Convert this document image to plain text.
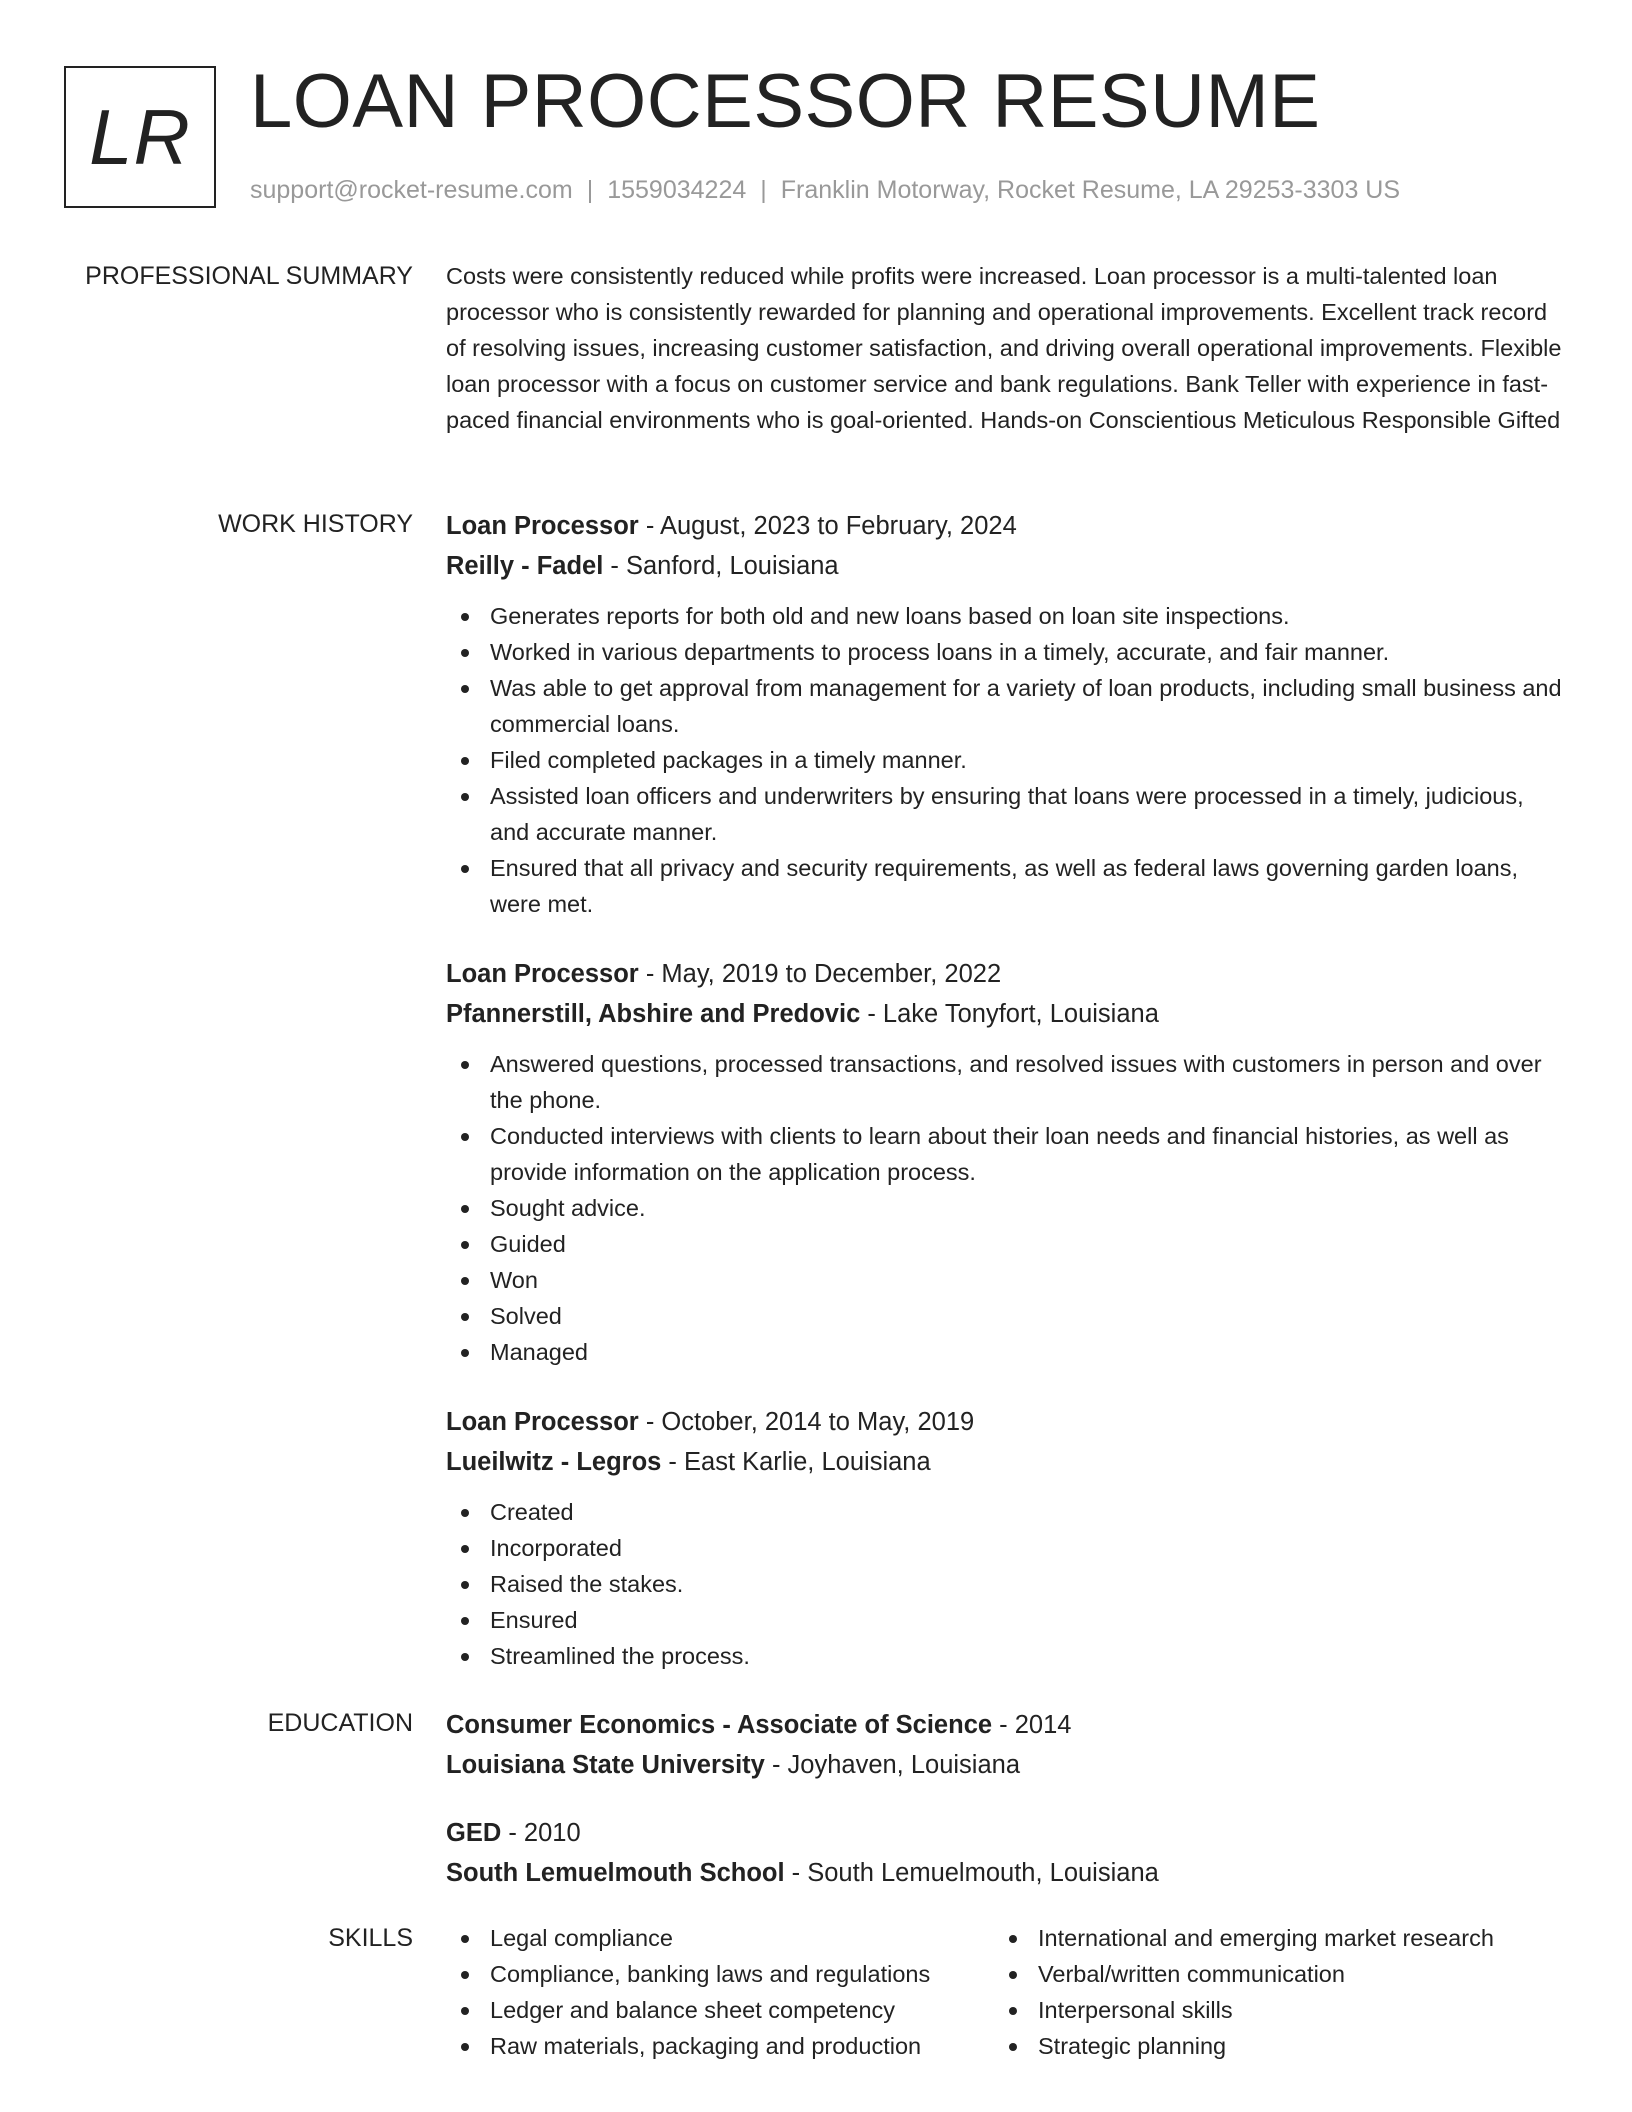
LR LOAN PROCESSOR RESUME
support@rocket-resume.com | 1559034224 | Franklin Motorway, Rocket Resume, LA 29253-3303 US
PROFESSIONAL SUMMARY Costs were consistently reduced while profits were increased. Loan processor is a multi-talented loan processor who is consistently rewarded for planning and operational improvements. Excellent track record of resolving issues, increasing customer satisfaction, and driving overall operational improvements. Flexible loan processor with a focus on customer service and bank regulations. Bank Teller with experience in fast-paced financial environments who is goal-oriented. Hands-on Conscientious Meticulous Responsible Gifted

WORK HISTORY Loan Processor - August, 2023 to February, 2024
Reilly - Fadel - Sanford, Louisiana
Generates reports for both old and new loans based on loan site inspections.
Worked in various departments to process loans in a timely, accurate, and fair manner.
Was able to get approval from management for a variety of loan products, including small business and commercial loans.
Filed completed packages in a timely manner.
Assisted loan officers and underwriters by ensuring that loans were processed in a timely, judicious, and accurate manner.
Ensured that all privacy and security requirements, as well as federal laws governing garden loans, were met.
Loan Processor - May, 2019 to December, 2022
Pfannerstill, Abshire and Predovic - Lake Tonyfort, Louisiana
Answered questions, processed transactions, and resolved issues with customers in person and over the phone.
Conducted interviews with clients to learn about their loan needs and financial histories, as well as provide information on the application process.
Sought advice.
Guided
Won
Solved
Managed
Loan Processor - October, 2014 to May, 2019
Lueilwitz - Legros - East Karlie, Louisiana
Created
Incorporated
Raised the stakes.
Ensured
Streamlined the process.
EDUCATION Consumer Economics - Associate of Science - 2014
Louisiana State University - Joyhaven, Louisiana
GED - 2010
South Lemuelmouth School - South Lemuelmouth, Louisiana
SKILLS	Legal compliance
Compliance, banking laws and regulations
Ledger and balance sheet competency
Raw materials, packaging and production
International and emerging market research
Verbal/written communication
Interpersonal skills
Strategic planning
